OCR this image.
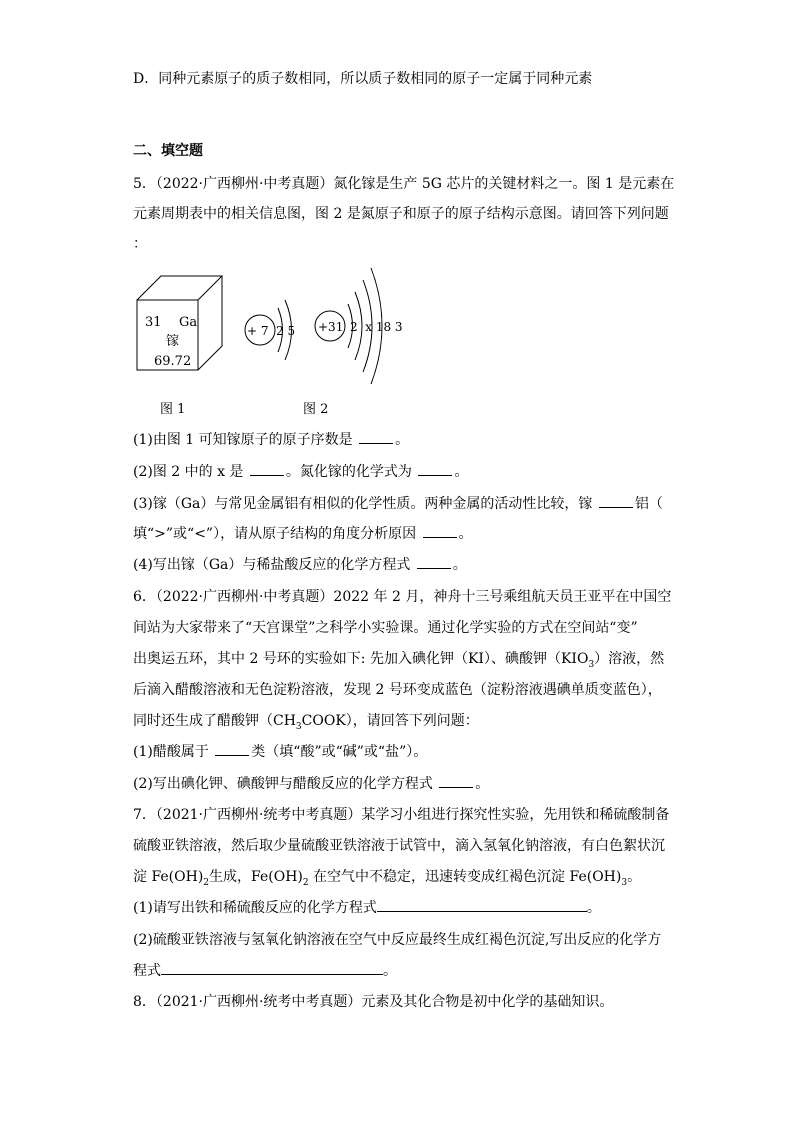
D．同种元素原子的质子数相同，所以质子数相同的原子一定属于同种元素
二、填空题
5．（2022·广西柳州·中考真题）氮化镓是生产 5G 芯片的关键材料之一。图 1 是元素在
元素周期表中的相关信息图，图 2 是氮原子和原子的原子结构示意图。请回答下列问题
：
31 Ga
镓
69.72
+ 7 2 5 +31 2  x 18 3
图 1	图 2
(1)由图 1 可知镓原子的原子序数是	。
(2)图 2 中的 x 是	。氮化镓的化学式为	。
(3)镓（Ga）与常见金属铝有相似的化学性质。两种金属的活动性比较，镓	铝（
填“>”或“<”），请从原子结构的角度分析原因	。
(4)写出镓（Ga）与稀盐酸反应的化学方程式	。
6．（2022·广西柳州·中考真题）2022 年 2 月，神舟十三号乘组航天员王亚平在中国空
间站为大家带来了“天宫课堂”之科学小实验课。通过化学实验的方式在空间站“变”
出奥运五环，其中 2 号环的实验如下: 先加入碘化钾（KI）、碘酸钾$(KIO_3)$溶液，然
后滴入醋酸溶液和无色淀粉溶液，发现 2 号环变成蓝色（淀粉溶液遇碘单质变蓝色），
同时还生成了醋酸钾$(CH_3COOK)$，请回答下列问题：
(1)醋酸属于	类（填“酸”或“碱”或“盐”）。
(2)写出碘化钾、碘酸钾与醋酸反应的化学方程式	。
7．（2021·广西柳州·统考中考真题）某学习小组进行探究性实验，先用铁和稀硫酸制备
硫酸亚铁溶液，然后取少量硫酸亚铁溶液于试管中，滴入氢氧化钠溶液，有白色絮状沉
淀 $Fe(OH)_2$生成，$Fe(OH)_2$ 在空气中不稳定，迅速转变成红褐色沉淀 $Fe(OH)_3$。
(1)请写出铁和稀硫酸反应的化学方程式	。
(2)硫酸亚铁溶液与氢氧化钠溶液在空气中反应最终生成红褐色沉淀,写出反应的化学方
程式	。
8．（2021·广西柳州·统考中考真题）元素及其化合物是初中化学的基础知识。
